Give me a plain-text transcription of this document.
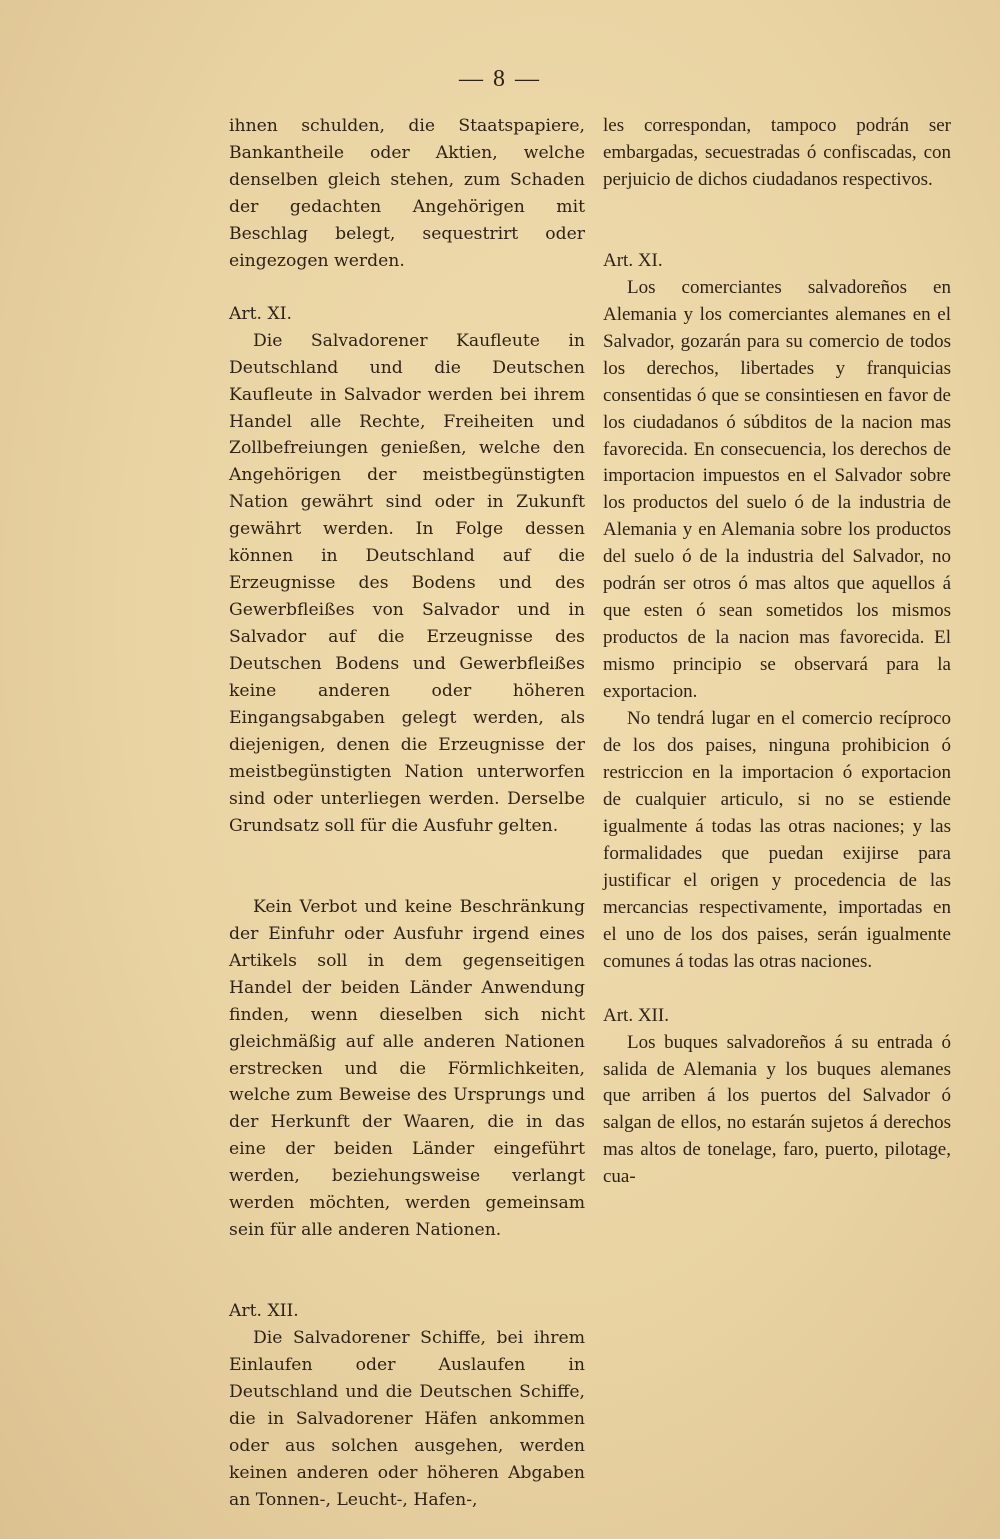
— 8 —

ihnen schulden, die Staatspapiere, Bankantheile oder Aktien, welche denselben gleich stehen, zum Schaden der gedachten Angehörigen mit Beschlag belegt, sequestrirt oder eingezogen werden.

Art. XI.

Die Salvadorener Kaufleute in Deutschland und die Deutschen Kaufleute in Salvador werden bei ihrem Handel alle Rechte, Freiheiten und Zollbefreiungen genießen, welche den Angehörigen der meistbegünstigten Nation gewährt sind oder in Zukunft gewährt werden. In Folge dessen können in Deutschland auf die Erzeugnisse des Bodens und des Gewerbfleißes von Salvador und in Salvador auf die Erzeugnisse des Deutschen Bodens und Gewerbfleißes keine anderen oder höheren Eingangsabgaben gelegt werden, als diejenigen, denen die Erzeugnisse der meistbegünstigten Nation unterworfen sind oder unterliegen werden. Derselbe Grundsatz soll für die Ausfuhr gelten.

Kein Verbot und keine Beschränkung der Einfuhr oder Ausfuhr irgend eines Artikels soll in dem gegenseitigen Handel der beiden Länder Anwendung finden, wenn dieselben sich nicht gleichmäßig auf alle anderen Nationen erstrecken und die Förmlichkeiten, welche zum Beweise des Ursprungs und der Herkunft der Waaren, die in das eine der beiden Länder eingeführt werden, beziehungsweise verlangt werden möchten, werden gemeinsam sein für alle anderen Nationen.

Art. XII.

Die Salvadorener Schiffe, bei ihrem Einlaufen oder Auslaufen in Deutschland und die Deutschen Schiffe, die in Salvadorener Häfen ankommen oder aus solchen ausgehen, werden keinen anderen oder höheren Abgaben an Tonnen-, Leucht-, Hafen-,

les correspondan, tampoco podrán ser embargadas, secuestradas ó confiscadas, con perjuicio de dichos ciudadanos respectivos.

Art. XI.

Los comerciantes salvadoreños en Alemania y los comerciantes alemanes en el Salvador, gozarán para su comercio de todos los derechos, libertades y franquicias consentidas ó que se consintiesen en favor de los ciudadanos ó súbditos de la nacion mas favorecida. En consecuencia, los derechos de importacion impuestos en el Salvador sobre los productos del suelo ó de la industria de Alemania y en Alemania sobre los productos del suelo ó de la industria del Salvador, no podrán ser otros ó mas altos que aquellos á que esten ó sean sometidos los mismos productos de la nacion mas favorecida. El mismo principio se observará para la exportacion.

No tendrá lugar en el comercio recíproco de los dos paises, ninguna prohibicion ó restriccion en la importacion ó exportacion de cualquier articulo, si no se estiende igualmente á todas las otras naciones; y las formalidades que puedan exijirse para justificar el origen y procedencia de las mercancias respectivamente, importadas en el uno de los dos paises, serán igualmente comunes á todas las otras naciones.

Art. XII.

Los buques salvadoreños á su entrada ó salida de Alemania y los buques alemanes que arriben á los puertos del Salvador ó salgan de ellos, no estarán sujetos á derechos mas altos de tonelage, faro, puerto, pilotage, cua-
